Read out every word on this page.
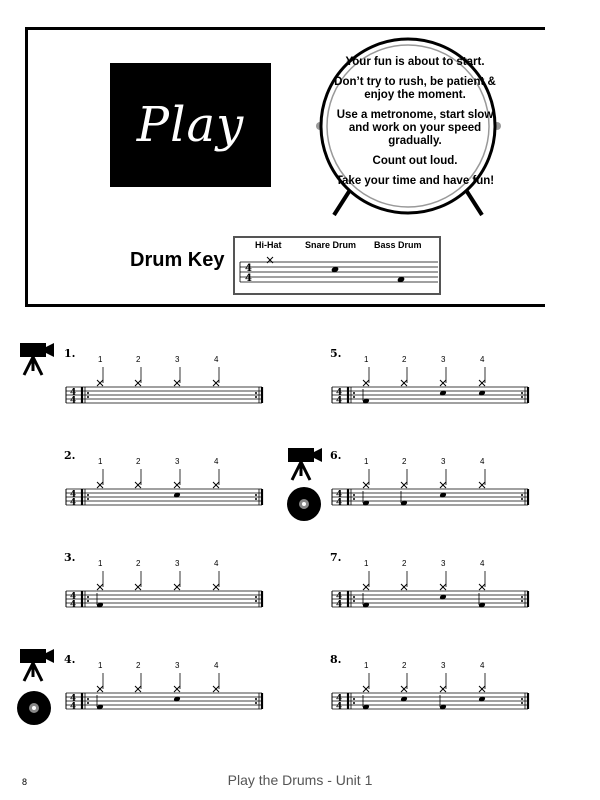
Play

Your fun is about to start.

Don’t try to rush, be patient & enjoy the moment.

Use a metronome, start slow and work on your speed gradually.

Count out loud.

Take your time and have fun!

Drum Key
Hi-Hat	Snare Drum Bass Drum
4
4
1.
4
4
1	2	3	4
2.
4
4
1	2	3	4
3.
4
4
1	2	3	4
4.
4
4
1	2	3	4
5.
4
4
1	2	3	4
6.
4
4
1	2	3	4
7.
4
4
1	2	3	4
8.
4
4
1	2	3	4
8	Play the Drums - Unit 1
